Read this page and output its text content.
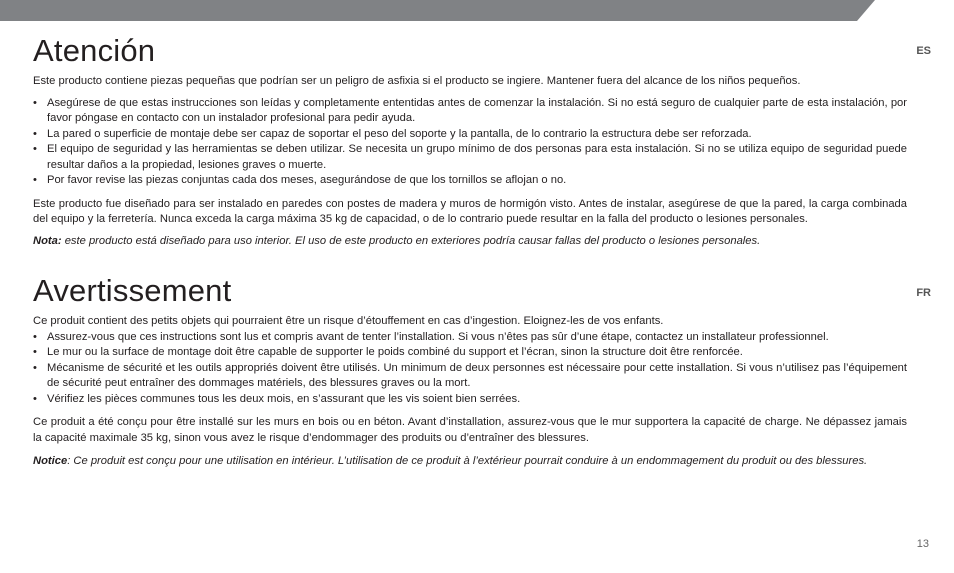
ES
FR
Atención

Este producto contiene piezas pequeñas que podrían ser un peligro de asfixia si el producto se ingiere. Mantener fuera del alcance de los niños pequeños.

• Asegúrese de que estas instrucciones son leídas y completamente ententidas antes de comenzar la instalación. Si no está seguro de cualquier parte de esta instalación, por favor póngase en contacto con un instalador profesional para pedir ayuda.
• La pared o superficie de montaje debe ser capaz de soportar el peso del soporte y la pantalla, de lo contrario la estructura debe ser reforzada.
• El equipo de seguridad y las herramientas se deben utilizar. Se necesita un grupo mínimo de dos personas para esta instalación. Si no se utiliza equipo de seguridad puede resultar daños a la propiedad, lesiones graves o muerte.
• Por favor revise las piezas conjuntas cada dos meses, asegurándose de que los tornillos se aflojan o no.

Este producto fue diseñado para ser instalado en paredes con postes de madera y muros de hormigón visto. Antes de instalar, asegúrese de que la pared, la carga combinada del equipo y la ferretería. Nunca exceda la carga máxima 35 kg de capacidad, o de lo contrario puede resultar en la falla del producto o lesiones personales.

Nota: este producto está diseñado para uso interior. El uso de este producto en exteriores podría causar fallas del producto o lesiones personales.

Avertissement

Ce produit contient des petits objets qui pourraient être un risque d’étouffement en cas d’ingestion. Eloignez-les de vos enfants.

• Assurez-vous que ces instructions sont lus et compris avant de tenter l’installation. Si vous n’êtes pas sûr d’une étape, contactez un installateur professionnel.
• Le mur ou la surface de montage doit être capable de supporter le poids combiné du support et l’écran, sinon la structure doit être renforcée.
• Mécanisme de sécurité et les outils appropriés doivent être utilisés. Un minimum de deux personnes est nécessaire pour cette installation. Si vous n’utilisez pas l’équipement de sécurité peut entraîner des dommages matériels, des blessures graves ou la mort.
• Vérifiez les pièces communes tous les deux mois, en s’assurant que les vis soient bien serrées.

Ce produit a été conçu pour être installé sur les murs en bois ou en béton. Avant d’installation, assurez-vous que le mur supportera la capacité de charge. Ne dépassez jamais la capacité maximale 35 kg, sinon vous avez le risque d’endommager des produits ou d’entraîner des blessures.

Notice: Ce produit est conçu pour une utilisation en intérieur. L’utilisation de ce produit à l’extérieur pourrait conduire à un endommagement du produit ou des blessures.

13
